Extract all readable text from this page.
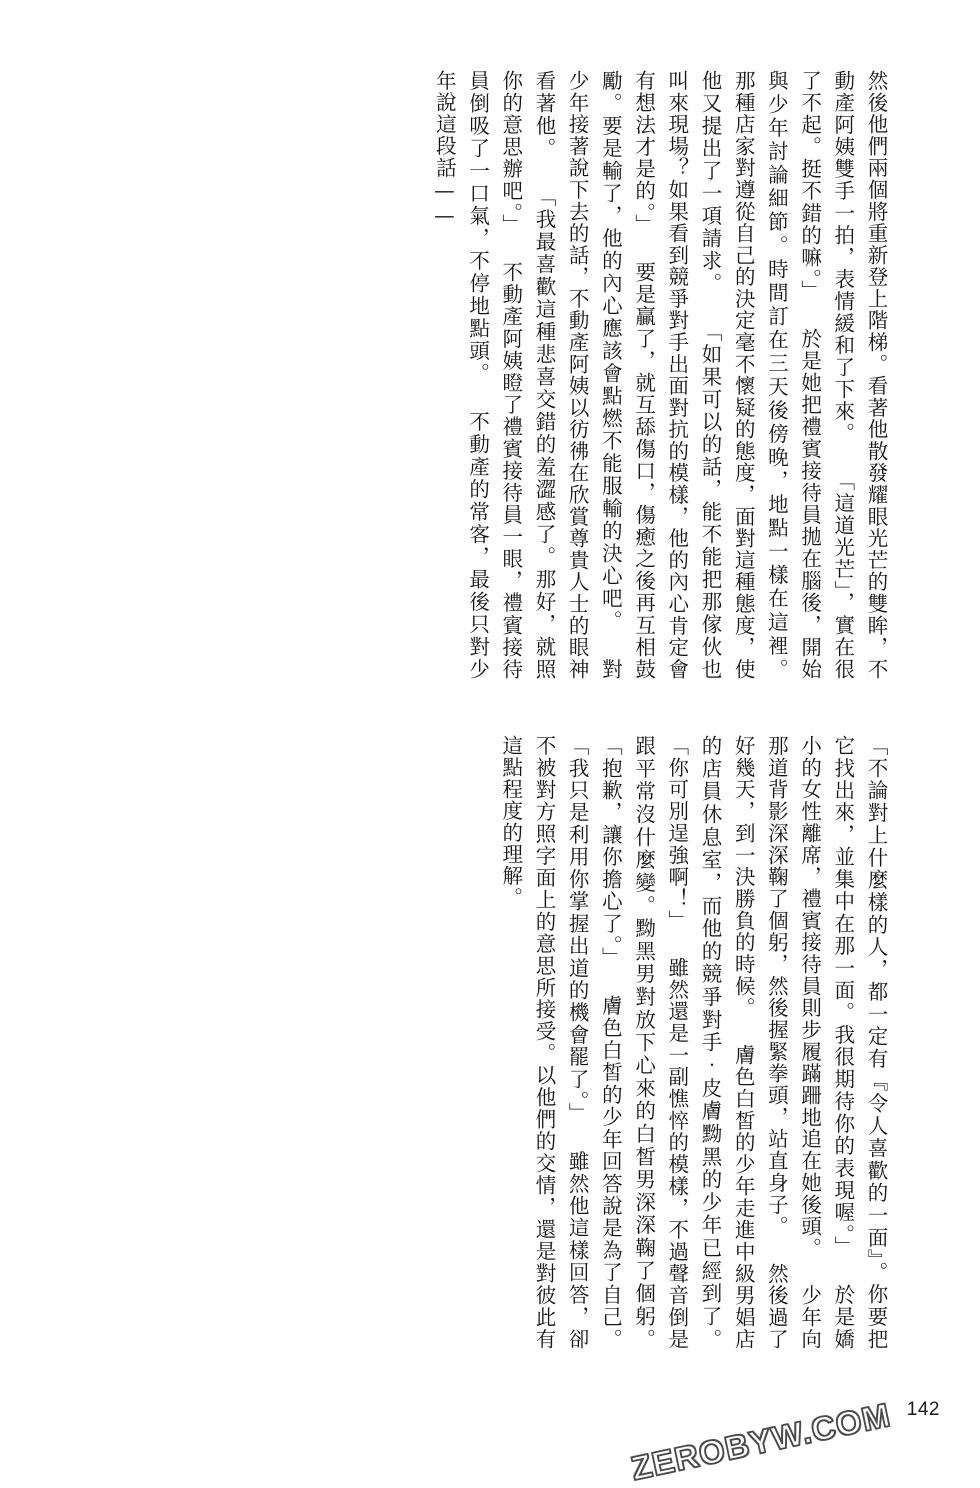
然後他們兩個將重新登上階梯。看著他散發耀眼光芒的雙眸，不動產阿姨雙手一拍，表情緩和了下來。 「這道光芒」，實在很了不起。挺不錯的嘛。」 於是她把禮賓接待員拋在腦後，開始與少年討論細節。時間訂在三天後傍晚，地點一樣在這裡。 那種店家對遵從自己的決定毫不懷疑的態度，面對這種態度，使他又提出了一項請求。 「如果可以的話，能不能把那傢伙也叫來現場？如果看到競爭對手出面對抗的模樣，他的內心肯定會有想法才是的。」 要是贏了，就互舔傷口，傷癒之後再互相鼓勵。要是輸了，他的內心應該會點燃不能服輸的決心吧。 對少年接著說下去的話，不動產阿姨以彷彿在欣賞尊貴人士的眼神看著他。 「我最喜歡這種悲喜交錯的羞澀感了。那好，就照你的意思辦吧。」 不動產阿姨瞪了禮賓接待員一眼，禮賓接待員倒吸了一口氣，不停地點頭。 不動產的常客，最後只對少年說這段話——
「不論對上什麼樣的人，都一定有『令人喜歡的一面』。你要把它找出來，並集中在那一面。我很期待你的表現喔。」 於是嬌小的女性離席，禮賓接待員則步履蹣跚地追在她後頭。 少年向那道背影深深鞠了個躬，然後握緊拳頭，站直身子。 然後過了好幾天，到一決勝負的時候。 膚色白皙的少年走進中級男娼店的店員休息室，而他的競爭對手‧皮膚黝黑的少年已經到了。 「你可別逞強啊！」 雖然還是一副憔悴的模樣，不過聲音倒是跟平常沒什麼變。黝黑男對放下心來的白皙男深深鞠了個躬。 「抱歉，讓你擔心了。」 膚色白皙的少年回答說是為了自己。 「我只是利用你掌握出道的機會罷了。」 雖然他這樣回答，卻不被對方照字面上的意思所接受。以他們的交情，還是對彼此有這點程度的理解。
142
ZEROBYW.COM
